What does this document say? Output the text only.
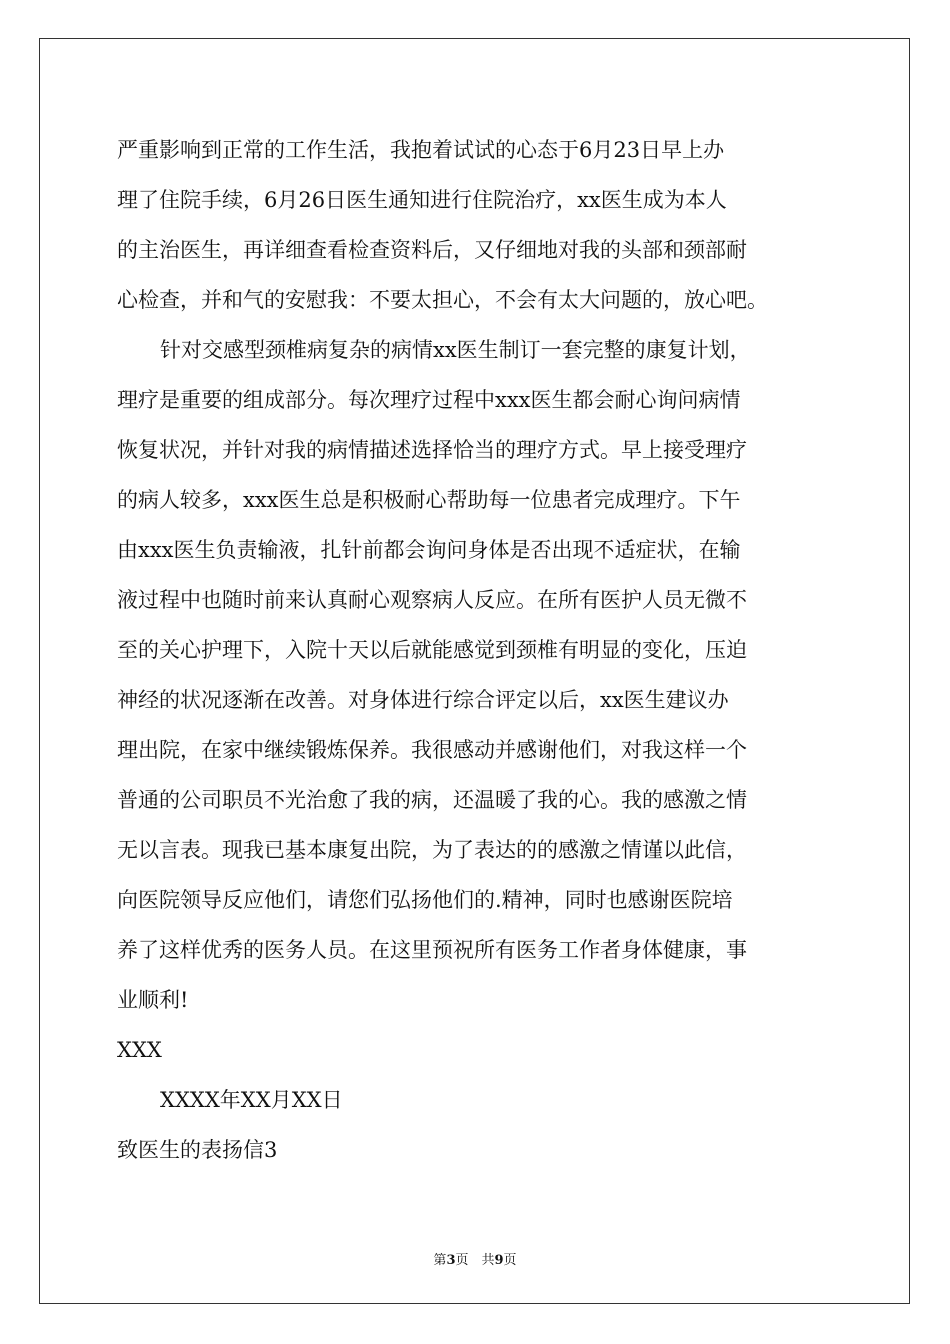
严重影响到正常的工作生活，我抱着试试的心态于6月23日早上办
理了住院手续，6月26日医生通知进行住院治疗，xx医生成为本人
的主治医生，再详细查看检查资料后，又仔细地对我的头部和颈部耐
心检查，并和气的安慰我：不要太担心，不会有太大问题的，放心吧。
针对交感型颈椎病复杂的病情xx医生制订一套完整的康复计划，
理疗是重要的组成部分。每次理疗过程中xxx医生都会耐心询问病情
恢复状况，并针对我的病情描述选择恰当的理疗方式。早上接受理疗
的病人较多，xxx医生总是积极耐心帮助每一位患者完成理疗。下午
由xxx医生负责输液，扎针前都会询问身体是否出现不适症状，在输
液过程中也随时前来认真耐心观察病人反应。在所有医护人员无微不
至的关心护理下，入院十天以后就能感觉到颈椎有明显的变化，压迫
神经的状况逐渐在改善。对身体进行综合评定以后，xx医生建议办
理出院，在家中继续锻炼保养。我很感动并感谢他们，对我这样一个
普通的公司职员不光治愈了我的病，还温暖了我的心。我的感激之情
无以言表。现我已基本康复出院，为了表达的的感激之情谨以此信，
向医院领导反应他们，请您们弘扬他们的.精神，同时也感谢医院培
养了这样优秀的医务人员。在这里预祝所有医务工作者身体健康，事
业顺利!
XXX
XXXX年XX月XX日
致医生的表扬信3
第3页　共9页
